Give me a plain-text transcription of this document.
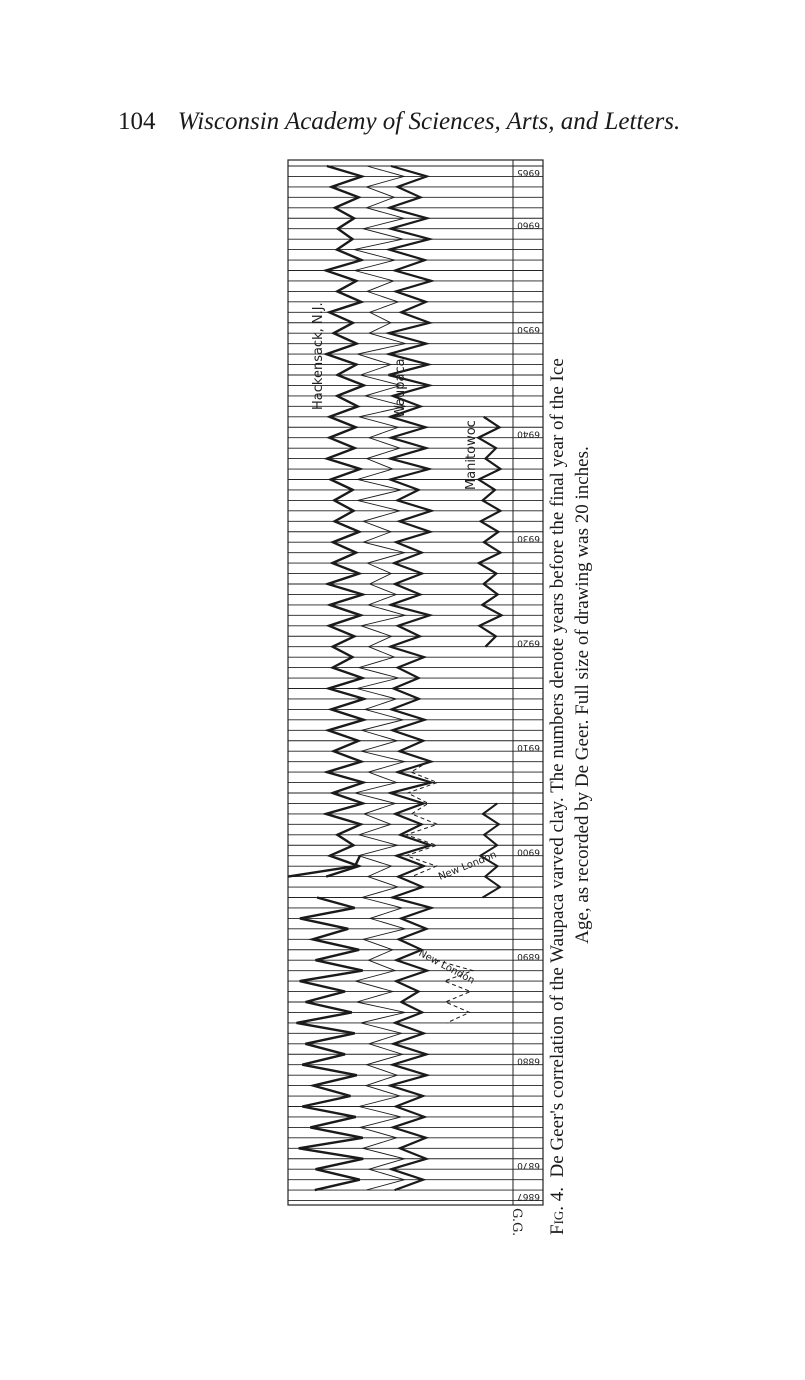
104 Wisconsin Academy of Sciences, Arts, and Letters.
6965
6960
6950
6940
6930
6920
6910
6900
6890
6880
6870
6867
Hackensack, N.J.	Waupaca
Manitowoc
New London
New London
G.G. Fig. 4.  De Geer's correlation of the Waupaca varved clay. The numbers denote years before the final year of the Ice Age, as recorded by De Geer. Full size of drawing was 20 inches.
